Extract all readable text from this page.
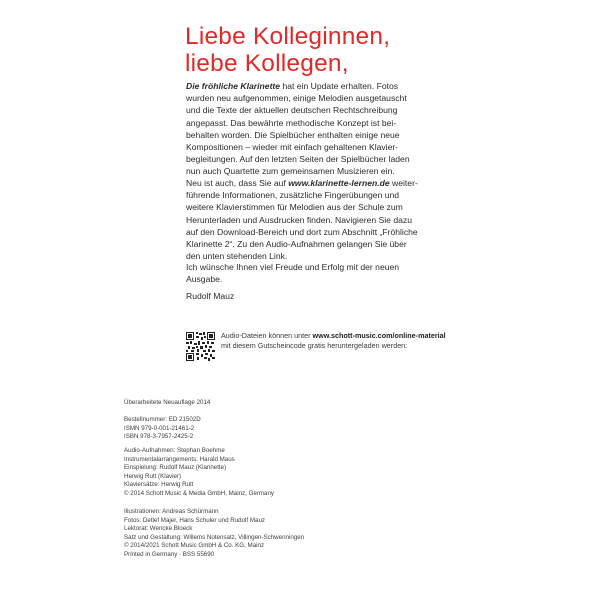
Liebe Kolleginnen,
liebe Kollegen,
Die fröhliche Klarinette hat ein Update erhalten. Fotos
wurden neu aufgenommen, einige Melodien ausgetauscht
und die Texte der aktuellen deutschen Rechtschreibung
angepasst. Das bewährte methodische Konzept ist bei-
behalten worden. Die Spielbücher enthalten einige neue
Kompositionen – wieder mit einfach gehaltenen Klavier-
begleitungen. Auf den letzten Seiten der Spielbücher laden
nun auch Quartette zum gemeinsamen Musizieren ein.
Neu ist auch, dass Sie auf www.klarinette-lernen.de weiter-
führende Informationen, zusätzliche Fingerübungen und
weitere Klavierstimmen für Melodien aus der Schule zum
Herunterladen und Ausdrucken finden. Navigieren Sie dazu
auf den Download-Bereich und dort zum Abschnitt „Fröhliche
Klarinette 2“. Zu den Audio-Aufnahmen gelangen Sie über
den unten stehenden Link.
Ich wünsche Ihnen viel Freude und Erfolg mit der neuen
Ausgabe.
Rudolf Mauz
Audio-Dateien können unter www.schott-music.com/online-material
mit diesem Gutscheincode gratis heruntergeladen werden:
Überarbeitete Neuauflage 2014
Bestellnummer: ED 21502D
ISMN 979-0-001-21461-2
ISBN 978-3-7957-2425-2
Audio-Aufnahmen: Stephan Boehme
Instrumentalarrangements: Harald Maus
Einspielung: Rudolf Mauz (Klarinette)
Herwig Rutt (Klavier)
Klaviersätze: Herwig Rutt
© 2014 Schott Music & Media GmbH, Mainz, Germany
Illustrationen: Andreas Schürmann
Fotos: Detlef Majer, Hans Schuler und Rudolf Mauz
Lektorat: Wencke Bloeck
Satz und Gestaltung: Willems Notensatz, Villingen-Schwenningen
© 2014/2021 Schott Music GmbH & Co. KG, Mainz
Printed in Germany · BSS 55690
